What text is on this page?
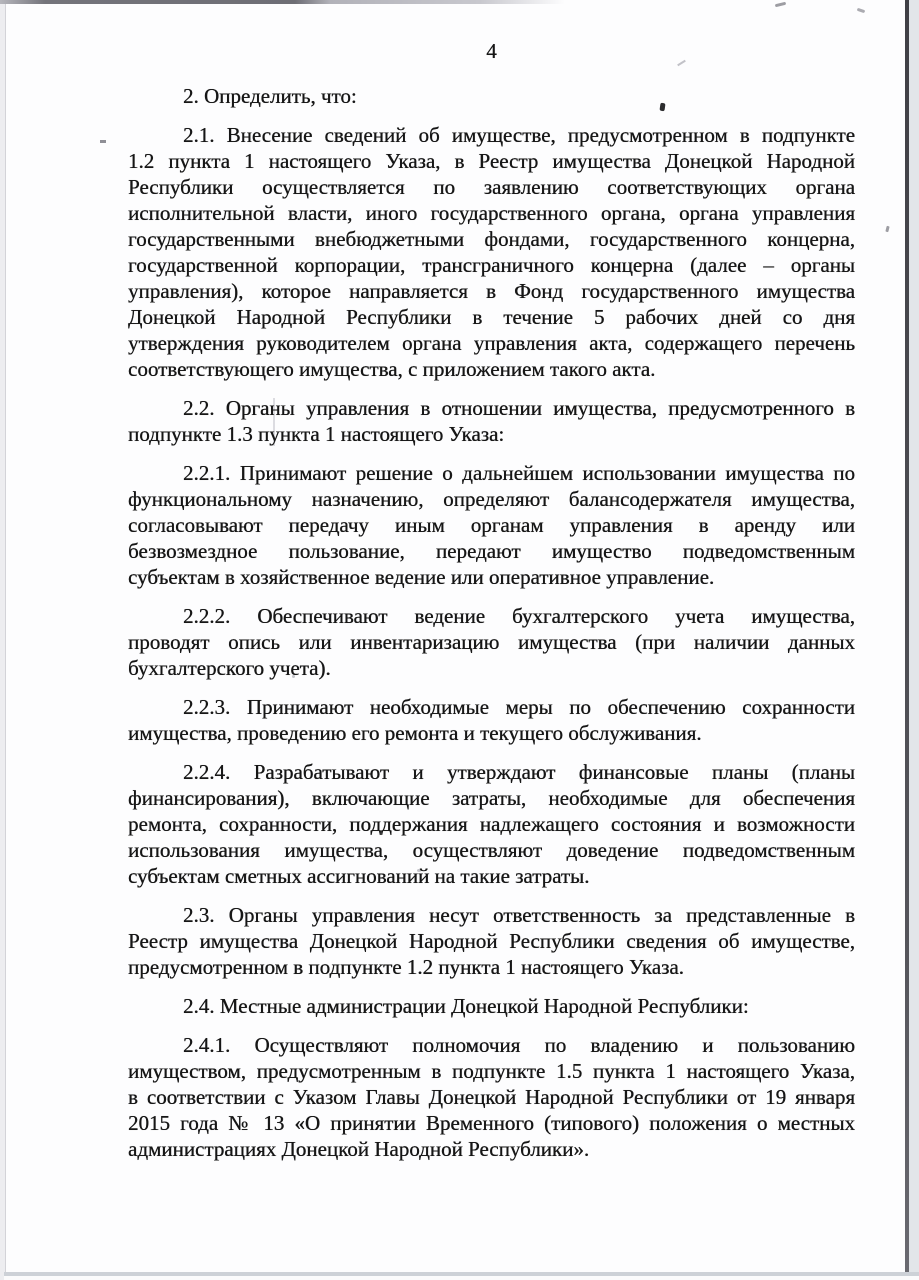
4
2. Определить, что:
2.1. Внесение сведений об имуществе, предусмотренном в подпункте
1.2 пункта 1 настоящего Указа, в Реестр имущества Донецкой Народной
Республики осуществляется по заявлению соответствующих органа
исполнительной власти, иного государственного органа, органа управления
государственными внебюджетными фондами, государственного концерна,
государственной корпорации, трансграничного концерна (далее – органы
управления), которое направляется в Фонд государственного имущества
Донецкой Народной Республики в течение 5 рабочих дней со дня
утверждения руководителем органа управления акта, содержащего перечень
соответствующего имущества, с приложением такого акта.
2.2. Органы управления в отношении имущества, предусмотренного в
подпункте 1.3 пункта 1 настоящего Указа:
2.2.1. Принимают решение о дальнейшем использовании имущества по
функциональному назначению, определяют балансодержателя имущества,
согласовывают передачу иным органам управления в аренду или
безвозмездное пользование, передают имущество подведомственным
субъектам в хозяйственное ведение или оперативное управление.
2.2.2. Обеспечивают ведение бухгалтерского учета имущества,
проводят опись или инвентаризацию имущества (при наличии данных
бухгалтерского учета).
2.2.3. Принимают необходимые меры по обеспечению сохранности
имущества, проведению его ремонта и текущего обслуживания.
2.2.4. Разрабатывают и утверждают финансовые планы (планы
финансирования), включающие затраты, необходимые для обеспечения
ремонта, сохранности, поддержания надлежащего состояния и возможности
использования имущества, осуществляют доведение подведомственным
субъектам сметных ассигнований на такие затраты.
2.3. Органы управления несут ответственность за представленные в
Реестр имущества Донецкой Народной Республики сведения об имуществе,
предусмотренном в подпункте 1.2 пункта 1 настоящего Указа.
2.4. Местные администрации Донецкой Народной Республики:
2.4.1. Осуществляют полномочия по владению и пользованию
имуществом, предусмотренным в подпункте 1.5 пункта 1 настоящего Указа,
в соответствии с Указом Главы Донецкой Народной Республики от 19 января
2015 года № 13 «О принятии Временного (типового) положения о местных
администрациях Донецкой Народной Республики».
